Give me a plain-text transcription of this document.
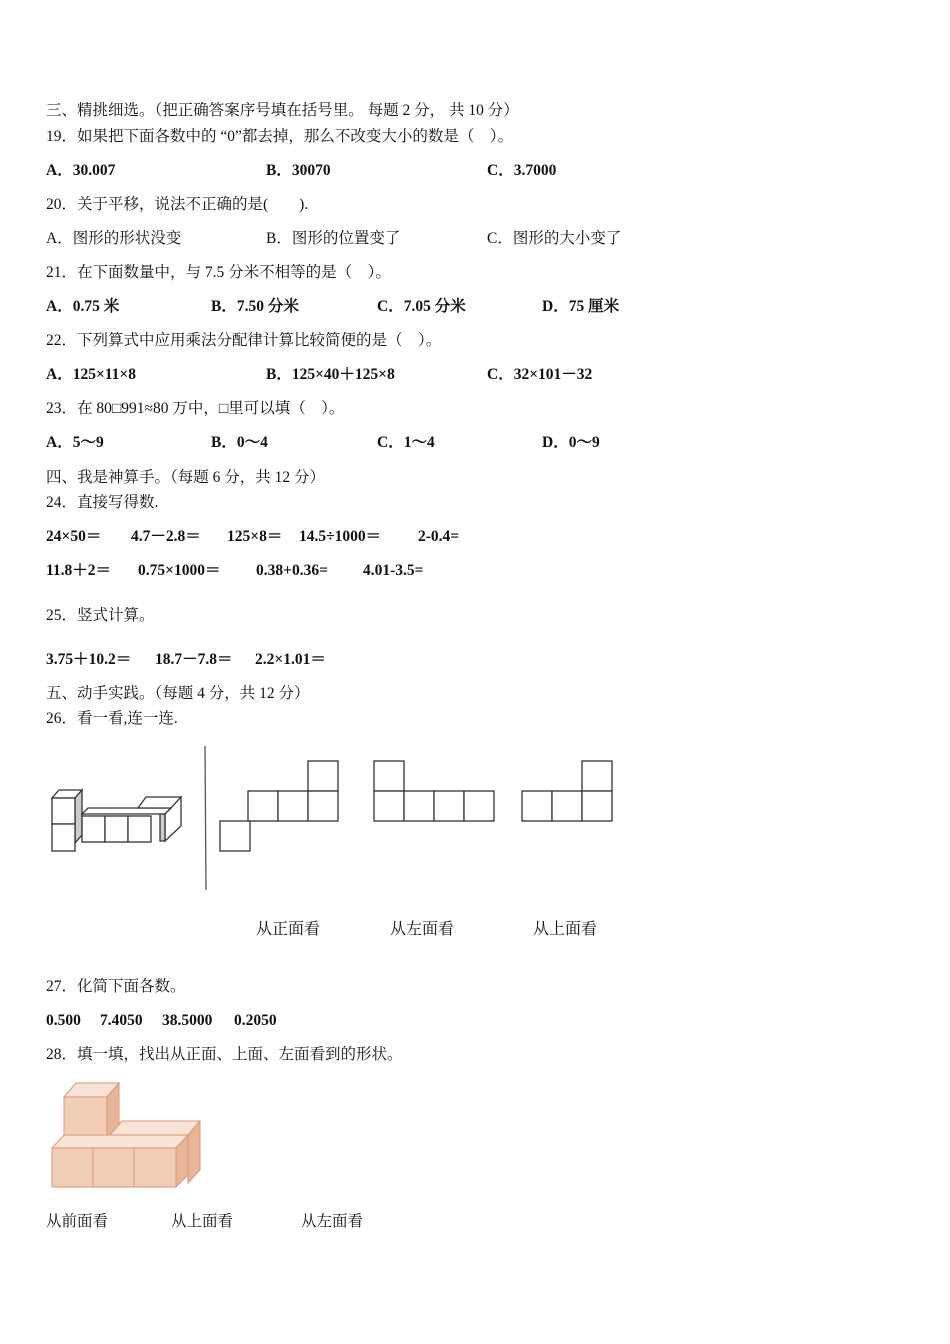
三、精挑细选。（把正确答案序号填在括号里。 每题 2 分， 共 10 分）
19．如果把下面各数中的 “0”都去掉，那么不改变大小的数是（　）。
A．30.007	B．30070	C．3.7000
20．关于平移，说法不正确的是(　　).
A．图形的形状没变	B．图形的位置变了	C．图形的大小变了
21．在下面数量中，与 7.5 分米不相等的是（　）。
A．0.75 米	B．7.50 分米	C．7.05 分米	D．75 厘米
22．下列算式中应用乘法分配律计算比较简便的是（　）。
A．125×11×8	B．125×40＋125×8	C．32×101－32
23．在 80□991≈80 万中，□里可以填（　）。
A．5～9	B．0～4	C．1～4	D．0～9
四、我是神算手。（每题 6 分，共 12 分）
24．直接写得数.
24×50＝ 4.7－2.8＝ 125×8＝ 14.5÷1000＝ 2-0.4=
11.8＋2＝ 0.75×1000＝ 0.38+0.36= 4.01-3.5=
25．竖式计算。
3.75＋10.2＝ 18.7－7.8＝ 2.2×1.01＝
五、动手实践。（每题 4 分，共 12 分）
26．看一看,连一连.
从正面看	从左面看	从上面看
27．化简下面各数。
0.500 7.4050 38.5000 0.2050
28．填一填，找出从正面、上面、左面看到的形状。
从前面看	从上面看	从左面看
